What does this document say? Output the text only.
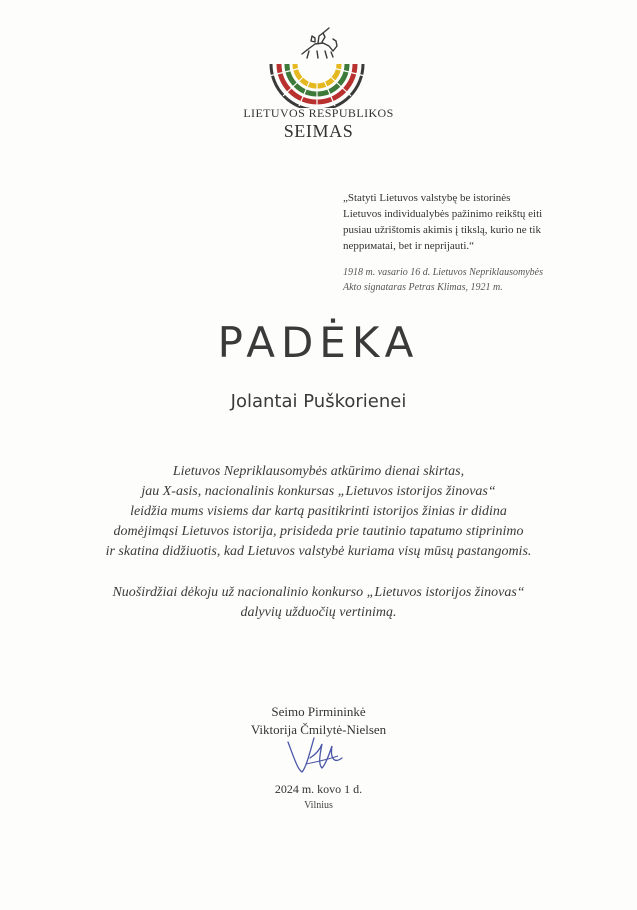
LIETUVOS RESPUBLIKOS
SEIMAS
„Statyti Lietuvos valstybę be istorinės
Lietuvos individualybės pažinimo reikštų eiti
pusiau užrištomis akimis į tikslą, kurio ne tik
nepримatai, bet ir neprijauti.“
1918 m. vasario 16 d. Lietuvos Nepriklausomybės
Akto signataras Petras Klimas, 1921 m.
PADĖKA
Jolantai Puškorienei
Lietuvos Nepriklausomybės atkūrimo dienai skirtas,
jau X-asis, nacionalinis konkursas „Lietuvos istorijos žinovas“
leidžia mums visiems dar kartą pasitikrinti istorijos žinias ir didina
domėjimąsi Lietuvos istorija, prisideda prie tautinio tapatumo stiprinimo
ir skatina didžiuotis, kad Lietuvos valstybė kuriama visų mūsų pastangomis.
Nuoširdžiai dėkoju už nacionalinio konkurso „Lietuvos istorijos žinovas“
dalyvių užduočių vertinimą.
Seimo Pirmininkė
Viktorija Čmilytė-Nielsen
2024 m. kovo 1 d.
Vilnius
